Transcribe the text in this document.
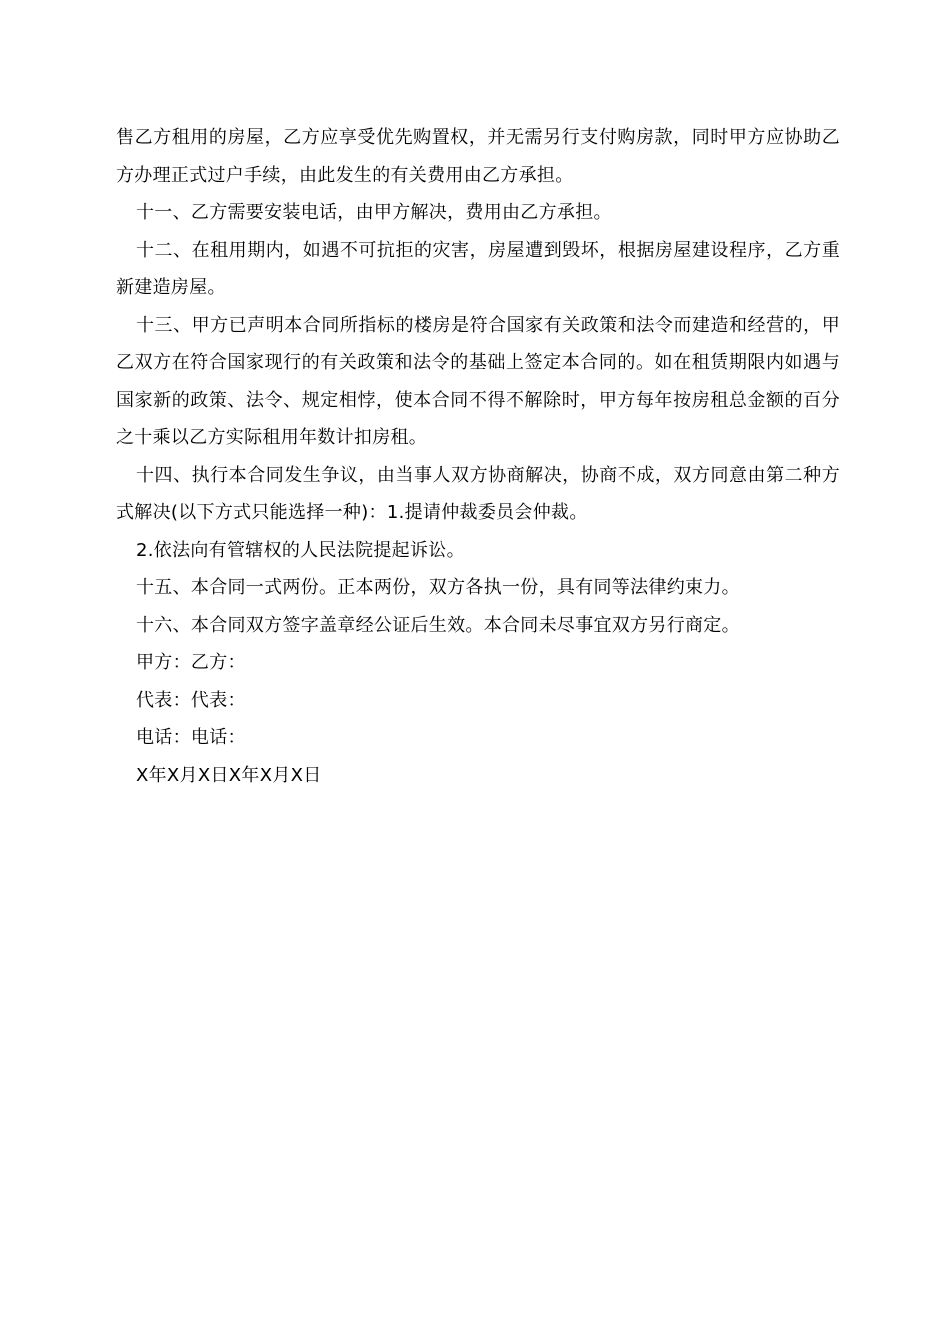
售乙方租用的房屋，乙方应享受优先购置权，并无需另行支付购房款，同时甲方应协助乙方办理正式过户手续，由此发生的有关费用由乙方承担。

十一、乙方需要安装电话，由甲方解决，费用由乙方承担。

十二、在租用期内，如遇不可抗拒的灾害，房屋遭到毁坏，根据房屋建设程序，乙方重新建造房屋。

十三、甲方已声明本合同所指标的楼房是符合国家有关政策和法令而建造和经营的，甲乙双方在符合国家现行的有关政策和法令的基础上签定本合同的。如在租赁期限内如遇与国家新的政策、法令、规定相悖，使本合同不得不解除时，甲方每年按房租总金额的百分之十乘以乙方实际租用年数计扣房租。

十四、执行本合同发生争议，由当事人双方协商解决，协商不成，双方同意由第二种方式解决(以下方式只能选择一种)：1.提请仲裁委员会仲裁。

2.依法向有管辖权的人民法院提起诉讼。

十五、本合同一式两份。正本两份，双方各执一份，具有同等法律约束力。

十六、本合同双方签字盖章经公证后生效。本合同未尽事宜双方另行商定。

甲方：乙方：
代表：代表：
电话：电话：
X年X月X日X年X月X日
